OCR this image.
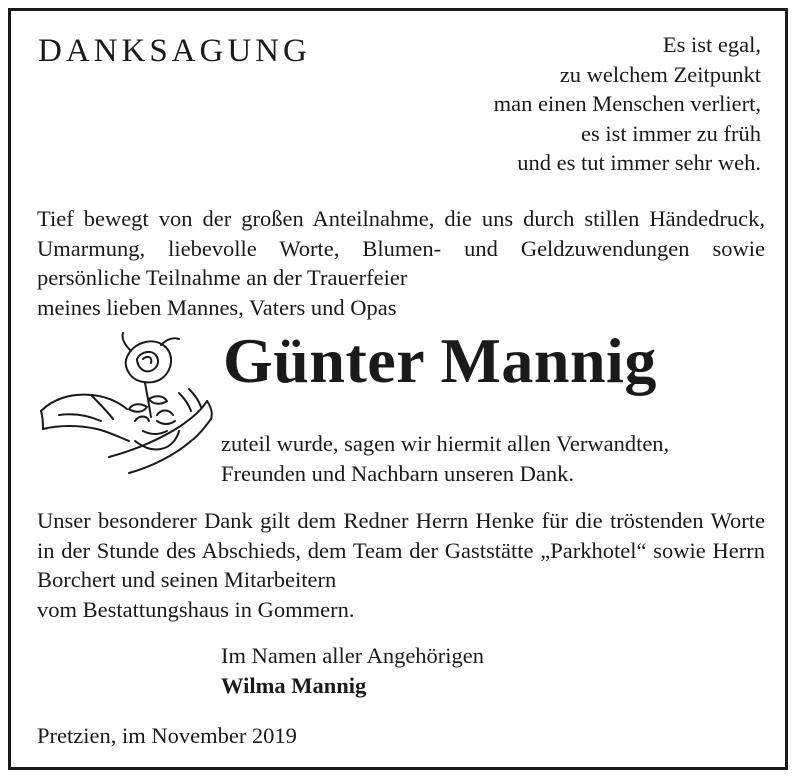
DANKSAGUNG	Es ist egal,
zu welchem Zeitpunkt
man einen Menschen verliert,
es ist immer zu früh
und es tut immer sehr weh.

Tief bewegt von der großen Anteilnahme, die uns durch stillen Händedruck, Umarmung, liebevolle Worte, Blumen- und Geldzuwendungen sowie persönliche Teilnahme an der Trauerfeier
meines lieben Mannes, Vaters und Opas

Günter Mannig

zuteil wurde, sagen wir hiermit allen Verwandten,
Freunden und Nachbarn unseren Dank.

Unser besonderer Dank gilt dem Redner Herrn Henke für die tröstenden Worte in der Stunde des Abschieds, dem Team der Gaststätte „Parkhotel“ sowie Herrn Borchert und seinen Mitarbeitern
vom Bestattungshaus in Gommern.

Im Namen aller Angehörigen
Wilma Mannig
Pretzien, im November 2019
